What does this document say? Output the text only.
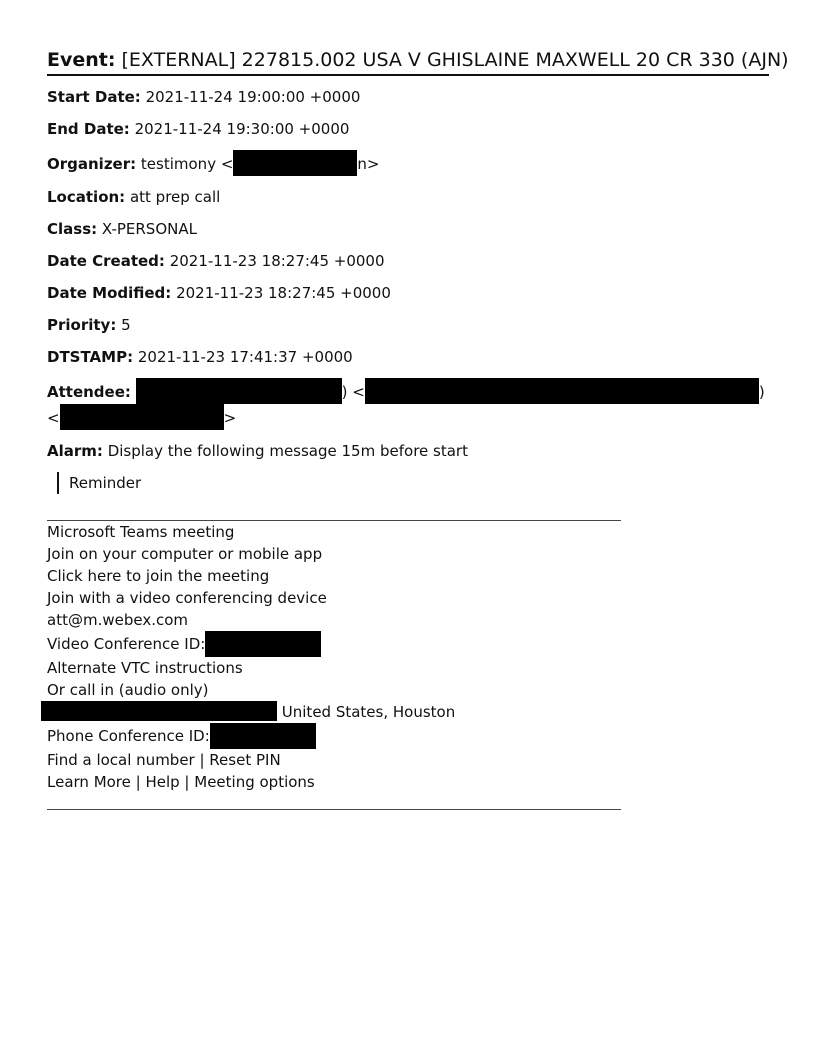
Event: [EXTERNAL] 227815.002 USA V GHISLAINE MAXWELL 20 CR 330 (AJN)
Start Date: 2021-11-24 19:00:00 +0000
End Date: 2021-11-24 19:30:00 +0000
Organizer: testimony <	n>
Location: att prep call
Class: X-PERSONAL
Date Created: 2021-11-23 18:27:45 +0000
Date Modified: 2021-11-23 18:27:45 +0000
Priority: 5
DTSTAMP: 2021-11-23 17:41:37 +0000
Attendee:	) <	)
<	>
Alarm: Display the following message 15m before start
Reminder
Microsoft Teams meeting
Join on your computer or mobile app
Click here to join the meeting
Join with a video conferencing device
att@m.webex.com
Video Conference ID:
Alternate VTC instructions
Or call in (audio only)
United States, Houston
Phone Conference ID:
Find a local number | Reset PIN
Learn More | Help | Meeting options
